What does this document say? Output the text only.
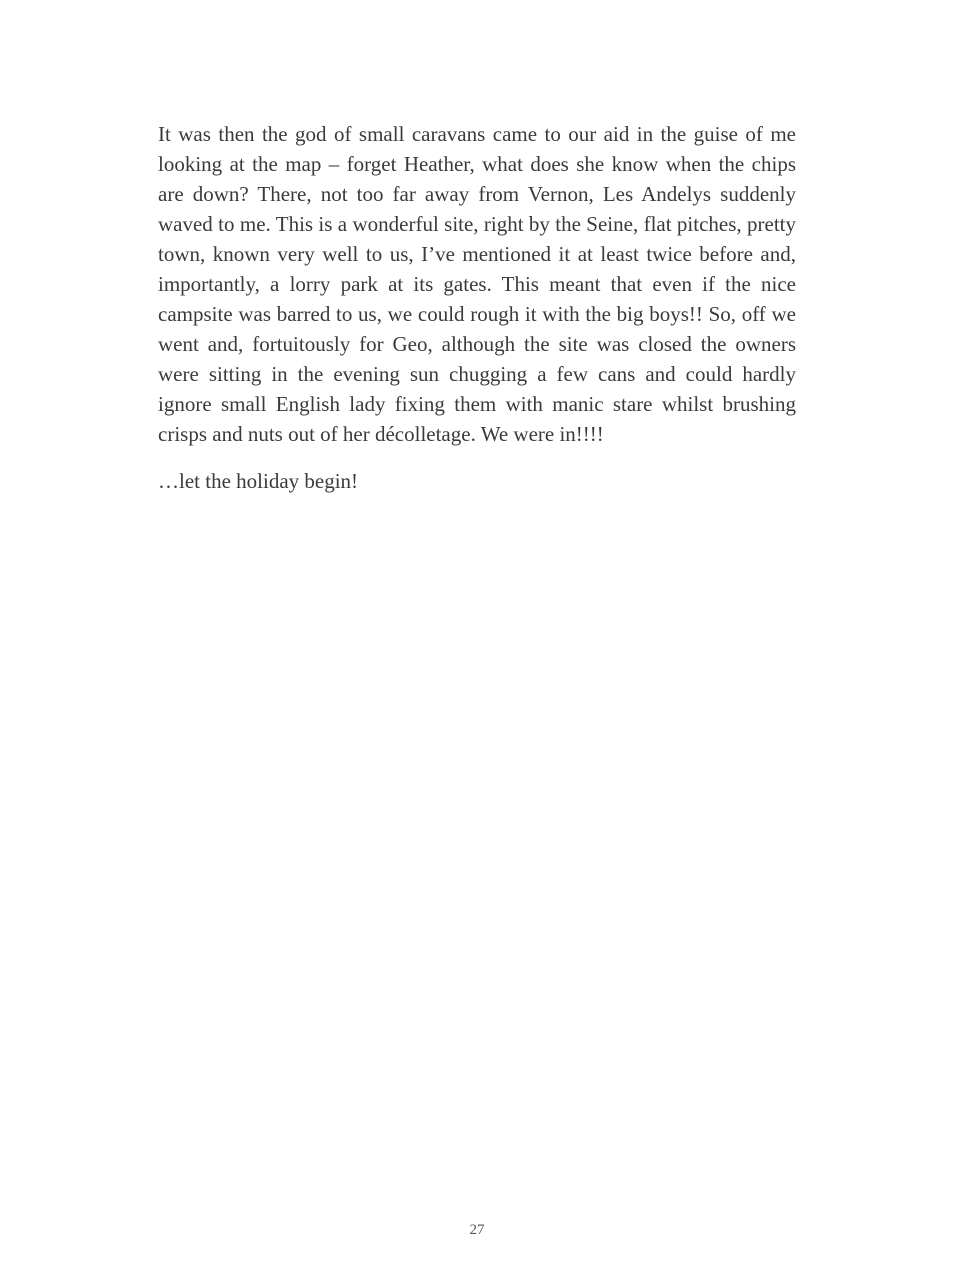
It was then the god of small caravans came to our aid in the guise of me looking at the map – forget Heather, what does she know when the chips are down? There, not too far away from Vernon, Les Andelys suddenly waved to me. This is a wonderful site, right by the Seine, flat pitches, pretty town, known very well to us, I’ve mentioned it at least twice before and, importantly, a lorry park at its gates. This meant that even if the nice campsite was barred to us, we could rough it with the big boys!! So, off we went and, fortuitously for Geo, although the site was closed the owners were sitting in the evening sun chugging a few cans and could hardly ignore small English lady fixing them with manic stare whilst brushing crisps and nuts out of her décolletage. We were in!!!!

…let the holiday begin!

27
